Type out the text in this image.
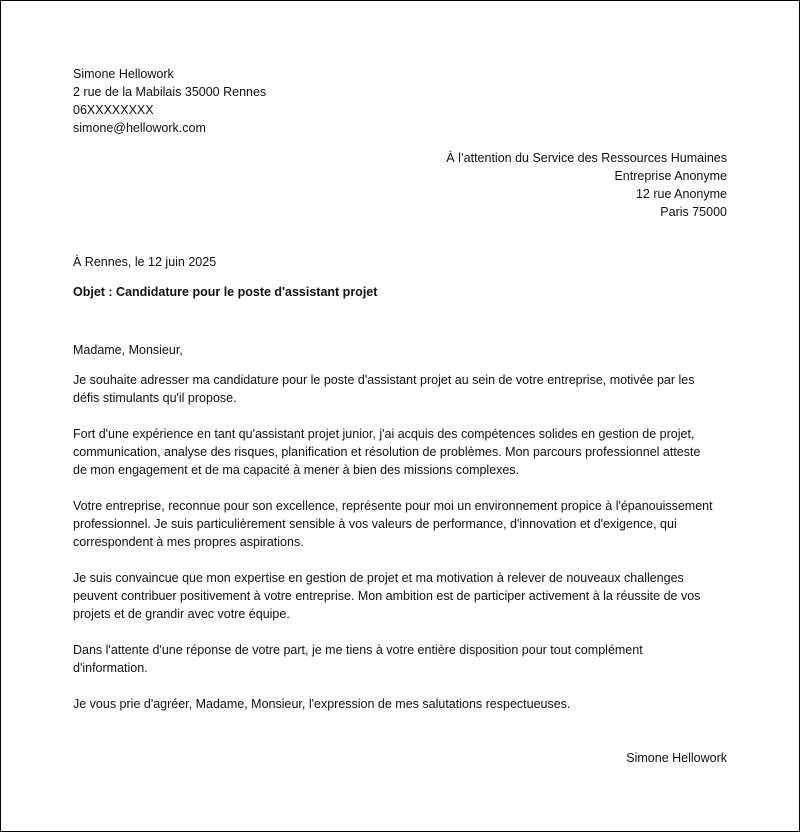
Simone Hellowork
2 rue de la Mabilais 35000 Rennes
06XXXXXXXX
simone@hellowork.com
À l’attention du Service des Ressources Humaines
Entreprise Anonyme
12 rue Anonyme
Paris 75000
À Rennes, le 12 juin 2025
Objet : Candidature pour le poste d'assistant projet
Madame, Monsieur,

Je souhaite adresser ma candidature pour le poste d'assistant projet au sein de votre entreprise, motivée par les
défis stimulants qu'il propose.

Fort d'une expérience en tant qu'assistant projet junior, j'ai acquis des compétences solides en gestion de projet,
communication, analyse des risques, planification et résolution de problèmes. Mon parcours professionnel atteste
de mon engagement et de ma capacité à mener à bien des missions complexes.

Votre entreprise, reconnue pour son excellence, représente pour moi un environnement propice à l'épanouissement
professionnel. Je suis particulièrement sensible à vos valeurs de performance, d'innovation et d'exigence, qui
correspondent à mes propres aspirations.

Je suis convaincue que mon expertise en gestion de projet et ma motivation à relever de nouveaux challenges
peuvent contribuer positivement à votre entreprise. Mon ambition est de participer activement à la réussite de vos
projets et de grandir avec votre équipe.

Dans l'attente d'une réponse de votre part, je me tiens à votre entière disposition pour tout complément
d'information.

Je vous prie d'agréer, Madame, Monsieur, l'expression de mes salutations respectueuses.

Simone Hellowork
